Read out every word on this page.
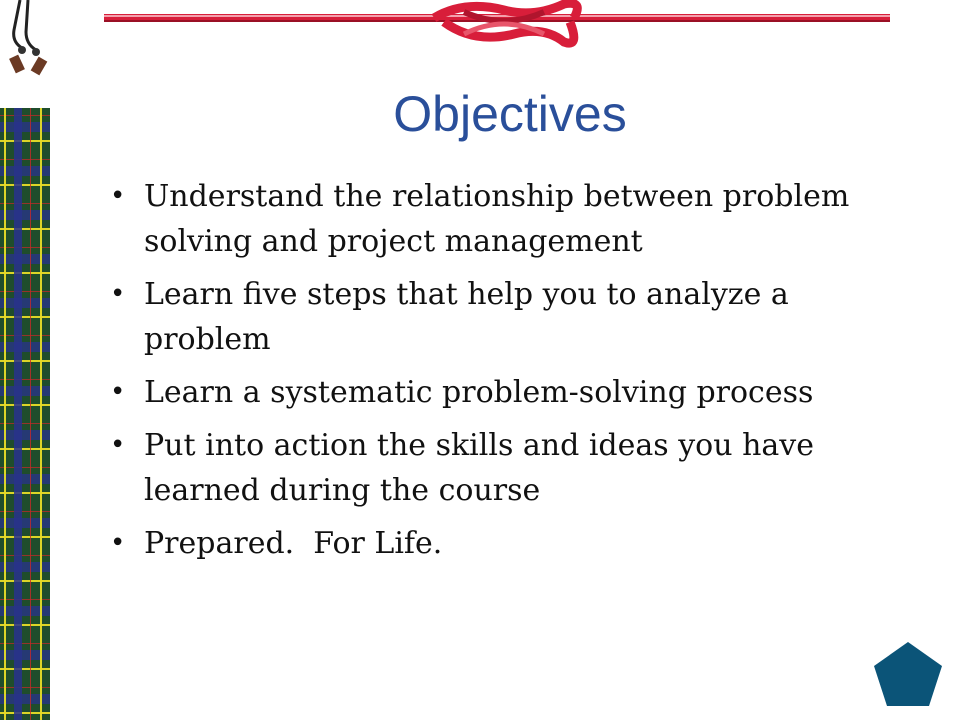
Objectives
• Understand the relationship between problem solving and project management
• Learn five steps that help you to analyze a problem
• Learn a systematic problem-solving process
• Put into action the skills and ideas you have learned during the course
• Prepared.  For Life.
